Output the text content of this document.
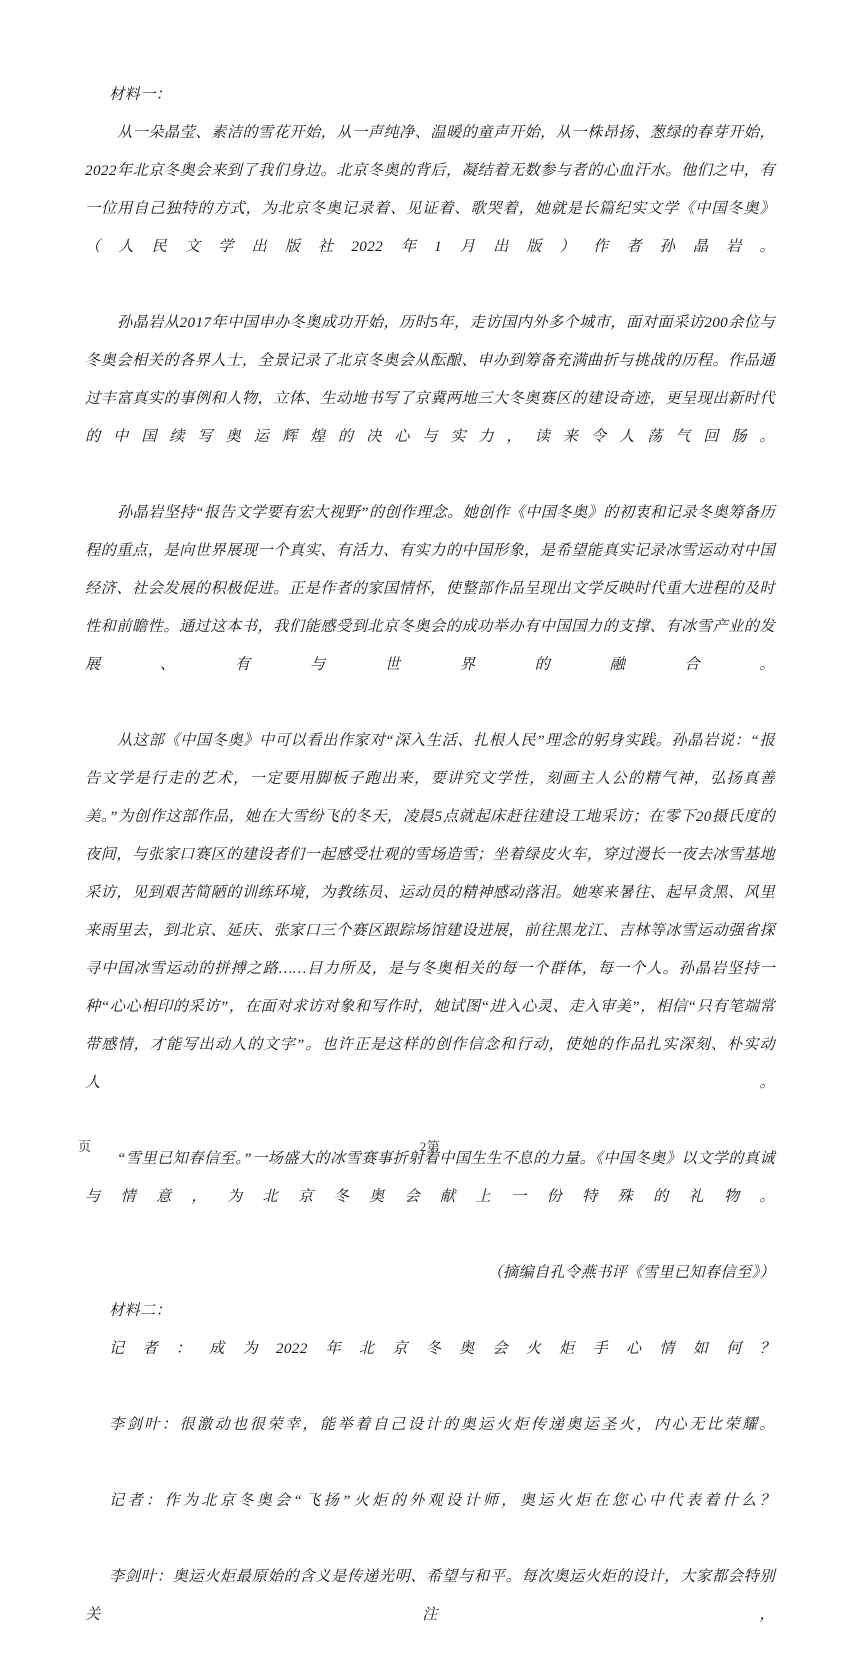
材料一：

从一朵晶莹、素洁的雪花开始，从一声纯净、温暖的童声开始，从一株昂扬、葱绿的春芽开始，2022年北京冬奥会来到了我们身边。北京冬奥的背后，凝结着无数参与者的心血汗水。他们之中，有一位用自己独特的方式，为北京冬奥记录着、见证着、歌哭着，她就是长篇纪实文学《中国冬奥》（人民文学出版社2022年1月出版）作者孙晶岩。

孙晶岩从2017年中国申办冬奥成功开始，历时5年，走访国内外多个城市，面对面采访200余位与冬奥会相关的各界人士，全景记录了北京冬奥会从酝酿、申办到筹备充满曲折与挑战的历程。作品通过丰富真实的事例和人物，立体、生动地书写了京冀两地三大冬奥赛区的建设奇迹，更呈现出新时代的中国续写奥运辉煌的决心与实力，读来令人荡气回肠。

孙晶岩坚持“报告文学要有宏大视野”的创作理念。她创作《中国冬奥》的初衷和记录冬奥筹备历程的重点，是向世界展现一个真实、有活力、有实力的中国形象，是希望能真实记录冰雪运动对中国经济、社会发展的积极促进。正是作者的家国情怀，使整部作品呈现出文学反映时代重大进程的及时性和前瞻性。通过这本书，我们能感受到北京冬奥会的成功举办有中国国力的支撑、有冰雪产业的发展、有与世界的融合。

从这部《中国冬奥》中可以看出作家对“深入生活、扎根人民”理念的躬身实践。孙晶岩说：“报告文学是行走的艺术，一定要用脚板子跑出来，要讲究文学性，刻画主人公的精气神，弘扬真善美。”为创作这部作品，她在大雪纷飞的冬天，凌晨5点就起床赶往建设工地采访；在零下20摄氏度的夜间，与张家口赛区的建设者们一起感受壮观的雪场造雪；坐着绿皮火车，穿过漫长一夜去冰雪基地采访，见到艰苦简陋的训练环境，为教练员、运动员的精神感动落泪。她寒来暑往、起早贪黑、风里来雨里去，到北京、延庆、张家口三个赛区跟踪场馆建设进展，前往黑龙江、吉林等冰雪运动强省探寻中国冰雪运动的拼搏之路……目力所及，是与冬奥相关的每一个群体，每一个人。孙晶岩坚持一种“心心相印的采访”，在面对求访对象和写作时，她试图“进入心灵、走入审美”，相信“只有笔端常带感情，才能写出动人的文字”。也许正是这样的创作信念和行动，使她的作品扎实深刻、朴实动人。

“雪里已知春信至。”一场盛大的冰雪赛事折射着中国生生不息的力量。《中国冬奥》以文学的真诚与情意，为北京冬奥会献上一份特殊的礼物。

（摘编自孔令燕书评《雪里已知春信至》）

材料二：

记者：成为2022年北京冬奥会火炬手心情如何？

李剑叶：很激动也很荣幸，能举着自己设计的奥运火炬传递奥运圣火，内心无比荣耀。

记者：作为北京冬奥会“飞扬”火炬的外观设计师，奥运火炬在您心中代表着什么？

李剑叶：奥运火炬最原始的含义是传递光明、希望与和平。每次奥运火炬的设计，大家都会特别关注，

页	2第
